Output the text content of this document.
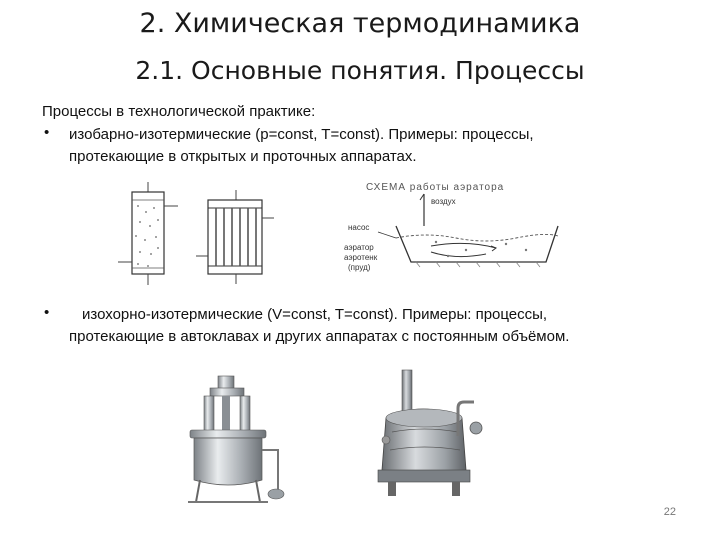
2. Химическая термодинамика
2.1. Основные понятия. Процессы
Процессы в технологической практике:
• изобарно-изотермические (p=const, T=const). Примеры: процессы,
протекающие в открытых и проточных аппаратах.
СХЕМА работы аэратора
воздух
насос
аэратор
аэротенк
(пруд)
• изохорно-изотермические (V=const, T=const). Примеры: процессы,
протекающие в автоклавах и других аппаратах с постоянным объёмом.
22
